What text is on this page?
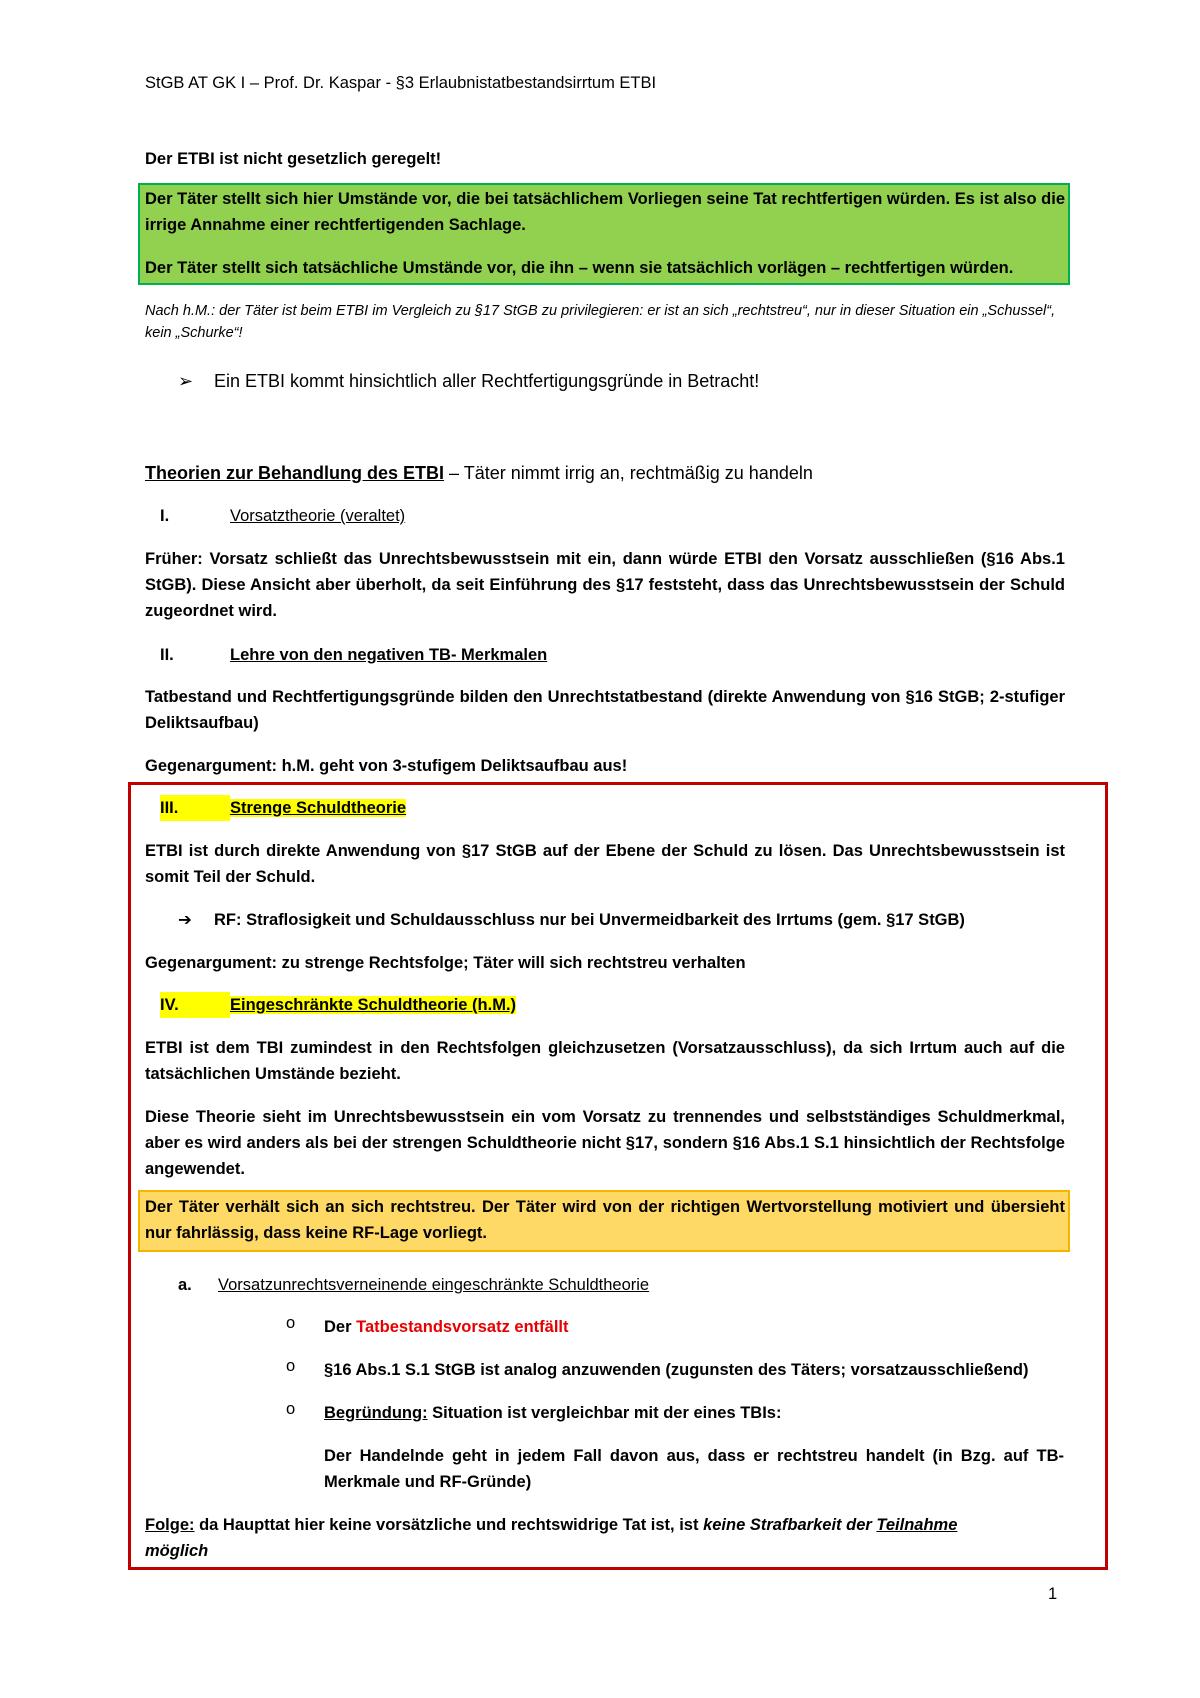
StGB AT GK I – Prof. Dr. Kaspar - §3 Erlaubnistatbestandsirrtum ETBI
Der ETBI ist nicht gesetzlich geregelt!
Der Täter stellt sich hier Umstände vor, die bei tatsächlichem Vorliegen seine Tat rechtfertigen würden. Es ist also die irrige Annahme einer rechtfertigenden Sachlage.
Der Täter stellt sich tatsächliche Umstände vor, die ihn – wenn sie tatsächlich vorlägen – rechtfertigen würden.
Nach h.M.: der Täter ist beim ETBI im Vergleich zu §17 StGB zu privilegieren: er ist an sich „rechtstreu“, nur in dieser Situation ein „Schussel“, kein „Schurke“!
➢ Ein ETBI kommt hinsichtlich aller Rechtfertigungsgründe in Betracht!
Theorien zur Behandlung des ETBI – Täter nimmt irrig an, rechtmäßig zu handeln
I.	Vorsatztheorie (veraltet)
Früher: Vorsatz schließt das Unrechtsbewusstsein mit ein, dann würde ETBI den Vorsatz ausschließen (§16 Abs.1 StGB). Diese Ansicht aber überholt, da seit Einführung des §17 feststeht, dass das Unrechtsbewusstsein der Schuld zugeordnet wird.
II.	Lehre von den negativen TB- Merkmalen
Tatbestand und Rechtfertigungsgründe bilden den Unrechtstatbestand (direkte Anwendung von §16 StGB; 2-stufiger Deliktsaufbau)
Gegenargument: h.M. geht von 3-stufigem Deliktsaufbau aus!
III.	Strenge Schuldtheorie
ETBI ist durch direkte Anwendung von §17 StGB auf der Ebene der Schuld zu lösen. Das Unrechtsbewusstsein ist somit Teil der Schuld.
➔ RF: Straflosigkeit und Schuldausschluss nur bei Unvermeidbarkeit des Irrtums (gem. §17 StGB)
Gegenargument: zu strenge Rechtsfolge; Täter will sich rechtstreu verhalten
IV.	Eingeschränkte Schuldtheorie (h.M.)
ETBI ist dem TBI zumindest in den Rechtsfolgen gleichzusetzen (Vorsatzausschluss), da sich Irrtum auch auf die tatsächlichen Umstände bezieht.
Diese Theorie sieht im Unrechtsbewusstsein ein vom Vorsatz zu trennendes und selbstständiges Schuldmerkmal, aber es wird anders als bei der strengen Schuldtheorie nicht §17, sondern §16 Abs.1 S.1 hinsichtlich der Rechtsfolge angewendet.
Der Täter verhält sich an sich rechtstreu. Der Täter wird von der richtigen Wertvorstellung motiviert und übersieht nur fahrlässig, dass keine RF-Lage vorliegt.
a. Vorsatzunrechtsverneinende eingeschränkte Schuldtheorie
o Der Tatbestandsvorsatz entfällt
o §16 Abs.1 S.1 StGB ist analog anzuwenden (zugunsten des Täters; vorsatzausschließend)
o Begründung: Situation ist vergleichbar mit der eines TBIs:
Der Handelnde geht in jedem Fall davon aus, dass er rechtstreu handelt (in Bzg. auf TB-Merkmale und RF-Gründe)
Folge: da Haupttat hier keine vorsätzliche und rechtswidrige Tat ist, ist keine Strafbarkeit der Teilnahme
möglich
1
